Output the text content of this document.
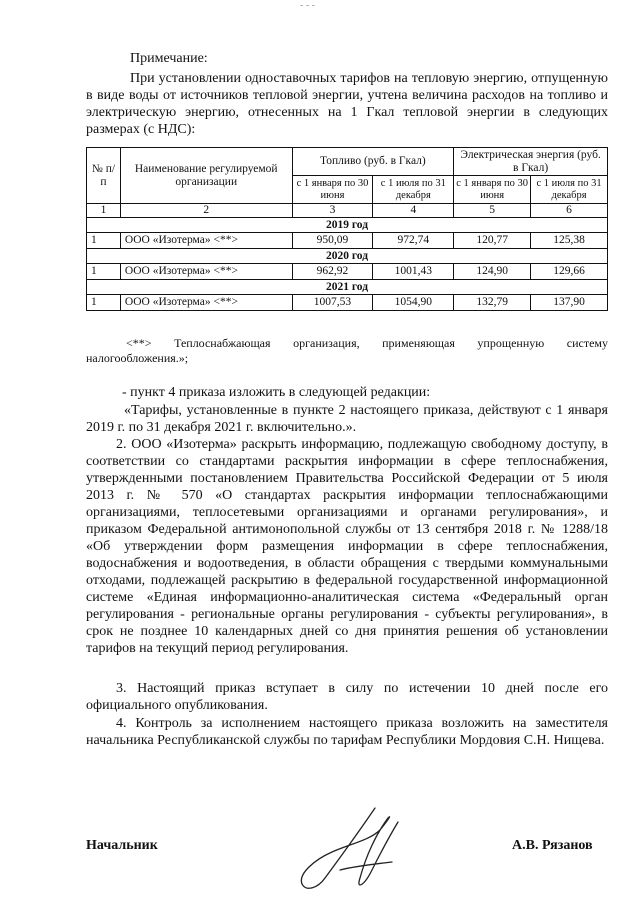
‑ ‑ ‑
Примечание:
При установлении одноставочных тарифов на тепловую энергию, отпущенную в виде воды от источников тепловой энергии, учтена величина расходов на топливо и электрическую энергию, отнесенных на 1 Гкал тепловой энергии в следующих размерах (с НДС):
№ п/п	Наименование регулируемой организации	Топливо (руб. в Гкал)		Электрическая энергия (руб. в Гкал)	
		с 1 января по 30 июня	с 1 июля по 31 декабря	с 1 января по 30 июня	с 1 июля по 31 декабря
1	2	3	4	5	6
2019 год					
1	ООО «Изотерма» <**>	950,09	972,74	120,77	125,38
2020 год					
1	ООО «Изотерма» <**>	962,92	1001,43	124,90	129,66
2021 год					
1	ООО «Изотерма» <**>	1007,53	1054,90	132,79	137,90
<**> Теплоснабжающая организация, применяющая упрощенную систему налогообложения.»;
- пункт 4 приказа изложить в следующей редакции:
«Тарифы, установленные в пункте 2 настоящего приказа, действуют с 1 января 2019 г. по 31 декабря 2021 г. включительно.».
2. ООО «Изотерма» раскрыть информацию, подлежащую свободному доступу, в соответствии со стандартами раскрытия информации в сфере теплоснабжения, утвержденными постановлением Правительства Российской Федерации от 5 июля 2013 г. № 570 «О стандартах раскрытия информации теплоснабжающими организациями, теплосетевыми организациями и органами регулирования», и приказом Федеральной антимонопольной службы от 13 сентября 2018 г. № 1288/18 «Об утверждении форм размещения информации в сфере теплоснабжения, водоснабжения и водоотведения, в области обращения с твердыми коммунальными отходами, подлежащей раскрытию в федеральной государственной информационной системе «Единая информационно-аналитическая система «Федеральный орган регулирования - региональные органы регулирования - субъекты регулирования», в срок не позднее 10 календарных дней со дня принятия решения об установлении тарифов на текущий период регулирования.
3. Настоящий приказ вступает в силу по истечении 10 дней после его официального опубликования.
4. Контроль за исполнением настоящего приказа возложить на заместителя начальника Республиканской службы по тарифам Республики Мордовия С.Н. Нищева.
Начальник	А.В. Рязанов
